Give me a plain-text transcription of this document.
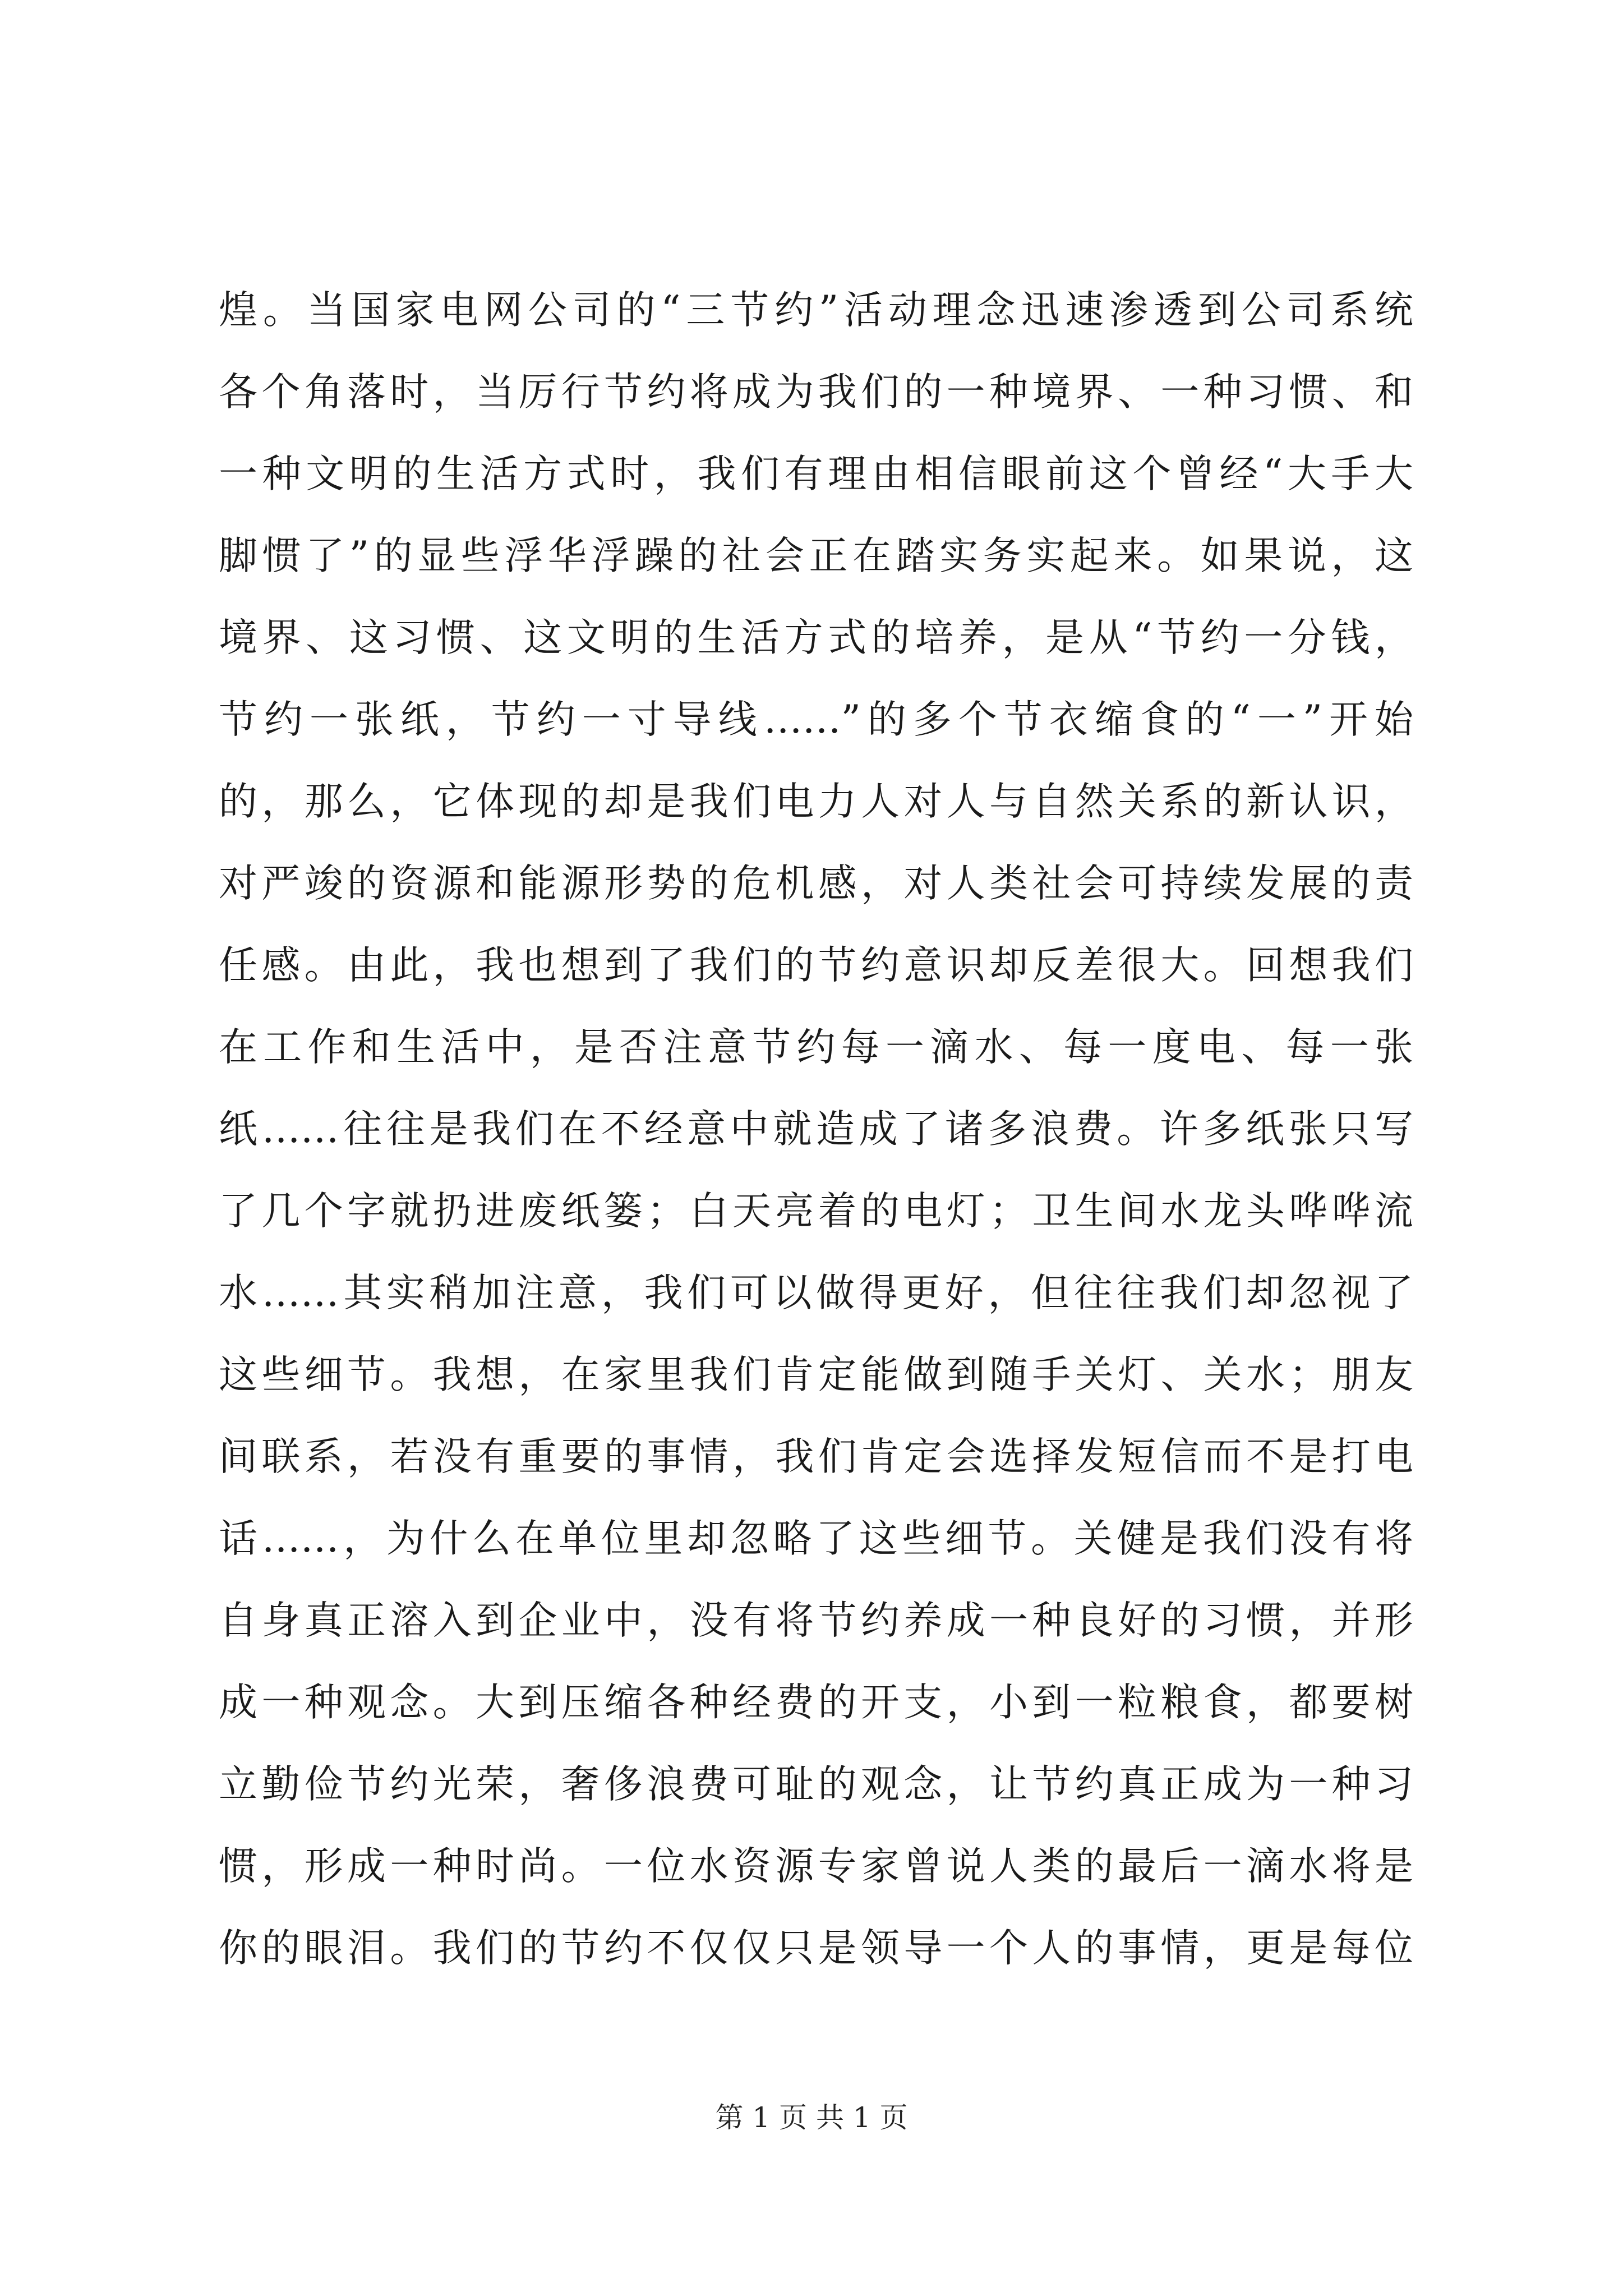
煌。当国家电网公司的“三节约”活动理念迅速渗透到公司系统
各个角落时，当厉行节约将成为我们的一种境界、一种习惯、和
一种文明的生活方式时，我们有理由相信眼前这个曾经“大手大
脚惯了”的显些浮华浮躁的社会正在踏实务实起来。如果说，这
境界、这习惯、这文明的生活方式的培养，是从“节约一分钱，
节约一张纸，节约一寸导线……”的多个节衣缩食的“一”开始
的，那么，它体现的却是我们电力人对人与自然关系的新认识，
对严竣的资源和能源形势的危机感，对人类社会可持续发展的责
任感。由此，我也想到了我们的节约意识却反差很大。回想我们
在工作和生活中，是否注意节约每一滴水、每一度电、每一张
纸……往往是我们在不经意中就造成了诸多浪费。许多纸张只写
了几个字就扔进废纸篓；白天亮着的电灯；卫生间水龙头哗哗流
水……其实稍加注意，我们可以做得更好，但往往我们却忽视了
这些细节。我想，在家里我们肯定能做到随手关灯、关水；朋友
间联系，若没有重要的事情，我们肯定会选择发短信而不是打电
话……，为什么在单位里却忽略了这些细节。关健是我们没有将
自身真正溶入到企业中，没有将节约养成一种良好的习惯，并形
成一种观念。大到压缩各种经费的开支，小到一粒粮食，都要树
立勤俭节约光荣，奢侈浪费可耻的观念，让节约真正成为一种习
惯，形成一种时尚。一位水资源专家曾说人类的最后一滴水将是
你的眼泪。我们的节约不仅仅只是领导一个人的事情，更是每位
第 1 页 共 1 页
